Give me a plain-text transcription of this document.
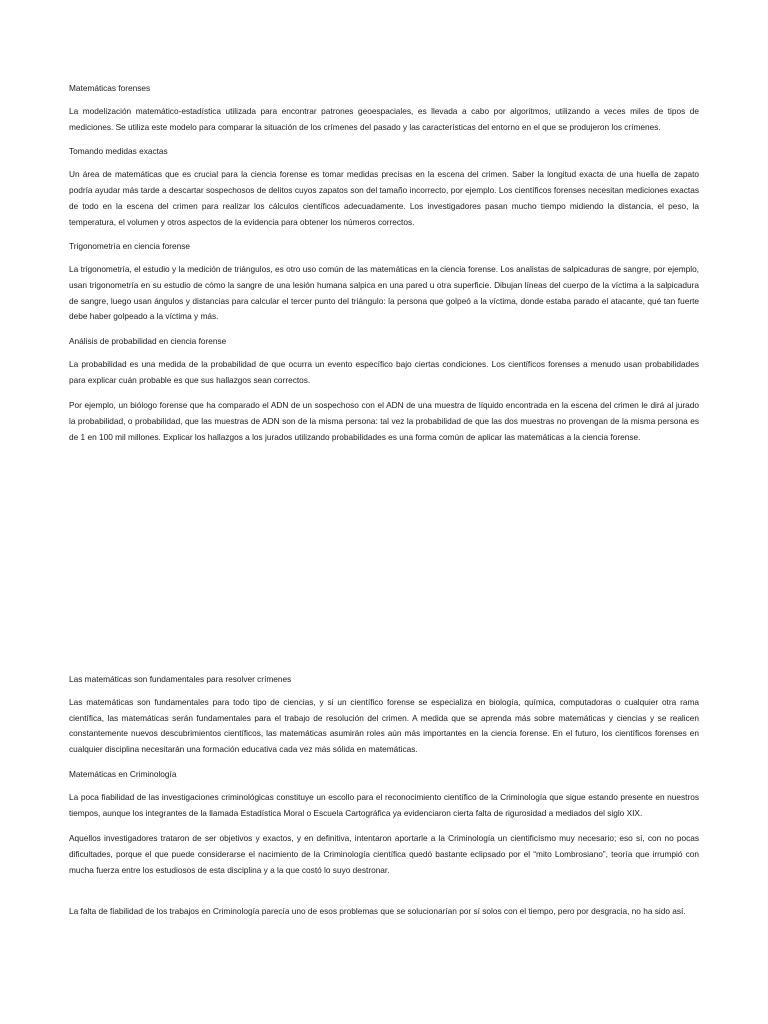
Matemáticas forenses

La modelización matemático-estadística utilizada para encontrar patrones geoespaciales, es llevada a cabo por algoritmos, utilizando a veces miles de tipos de mediciones. Se utiliza este modelo para comparar la situación de los crímenes del pasado y las características del entorno en el que se produjeron los crímenes.

Tomando medidas exactas

Un área de matemáticas que es crucial para la ciencia forense es tomar medidas precisas en la escena del crimen. Saber la longitud exacta de una huella de zapato podría ayudar más tarde a descartar sospechosos de delitos cuyos zapatos son del tamaño incorrecto, por ejemplo. Los científicos forenses necesitan mediciones exactas de todo en la escena del crimen para realizar los cálculos científicos adecuadamente. Los investigadores pasan mucho tiempo midiendo la distancia, el peso, la temperatura, el volumen y otros aspectos de la evidencia para obtener los números correctos.

Trigonometría en ciencia forense

La trigonometría, el estudio y la medición de triángulos, es otro uso común de las matemáticas en la ciencia forense. Los analistas de salpicaduras de sangre, por ejemplo, usan trigonometría en su estudio de cómo la sangre de una lesión humana salpica en una pared u otra superficie. Dibujan líneas del cuerpo de la víctima a la salpicadura de sangre, luego usan ángulos y distancias para calcular el tercer punto del triángulo: la persona que golpeó a la víctima, donde estaba parado el atacante, qué tan fuerte debe haber golpeado a la víctima y más.

Análisis de probabilidad en ciencia forense

La probabilidad es una medida de la probabilidad de que ocurra un evento específico bajo ciertas condiciones. Los científicos forenses a menudo usan probabilidades para explicar cuán probable es que sus hallazgos sean correctos.

Por ejemplo, un biólogo forense que ha comparado el ADN de un sospechoso con el ADN de una muestra de líquido encontrada en la escena del crimen le dirá al jurado la probabilidad, o probabilidad, que las muestras de ADN son de la misma persona: tal vez la probabilidad de que las dos muestras no provengan de la misma persona es de 1 en 100 mil millones. Explicar los hallazgos a los jurados utilizando probabilidades es una forma común de aplicar las matemáticas a la ciencia forense.

Las matemáticas son fundamentales para resolver crímenes

Las matemáticas son fundamentales para todo tipo de ciencias, y si un científico forense se especializa en biología, química, computadoras o cualquier otra rama científica, las matemáticas serán fundamentales para el trabajo de resolución del crimen. A medida que se aprenda más sobre matemáticas y ciencias y se realicen constantemente nuevos descubrimientos científicos, las matemáticas asumirán roles aún más importantes en la ciencia forense. En el futuro, los científicos forenses en cualquier disciplina necesitarán una formación educativa cada vez más sólida en matemáticas.

Matemáticas en Criminología

La poca fiabilidad de las investigaciones criminológicas constituye un escollo para el reconocimiento científico de la Criminología que sigue estando presente en nuestros tiempos, aunque los integrantes de la llamada Estadística Moral o Escuela Cartográfica ya evidenciaron cierta falta de rigurosidad a mediados del siglo XIX.

Aquellos investigadores trataron de ser objetivos y exactos, y en definitiva, intentaron aportarle a la Criminología un cientificísmo muy necesario; eso sí, con no pocas dificultades, porque el que puede considerarse el nacimiento de la Criminología científica quedó bastante eclipsado por el “mito Lombrosiano”, teoría que irrumpió con mucha fuerza entre los estudiosos de esta disciplina y a la que costó lo suyo destronar.

La falta de fiabilidad de los trabajos en Criminología parecía uno de esos problemas que se solucionarían por sí solos con el tiempo, pero por desgracia, no ha sido así.
